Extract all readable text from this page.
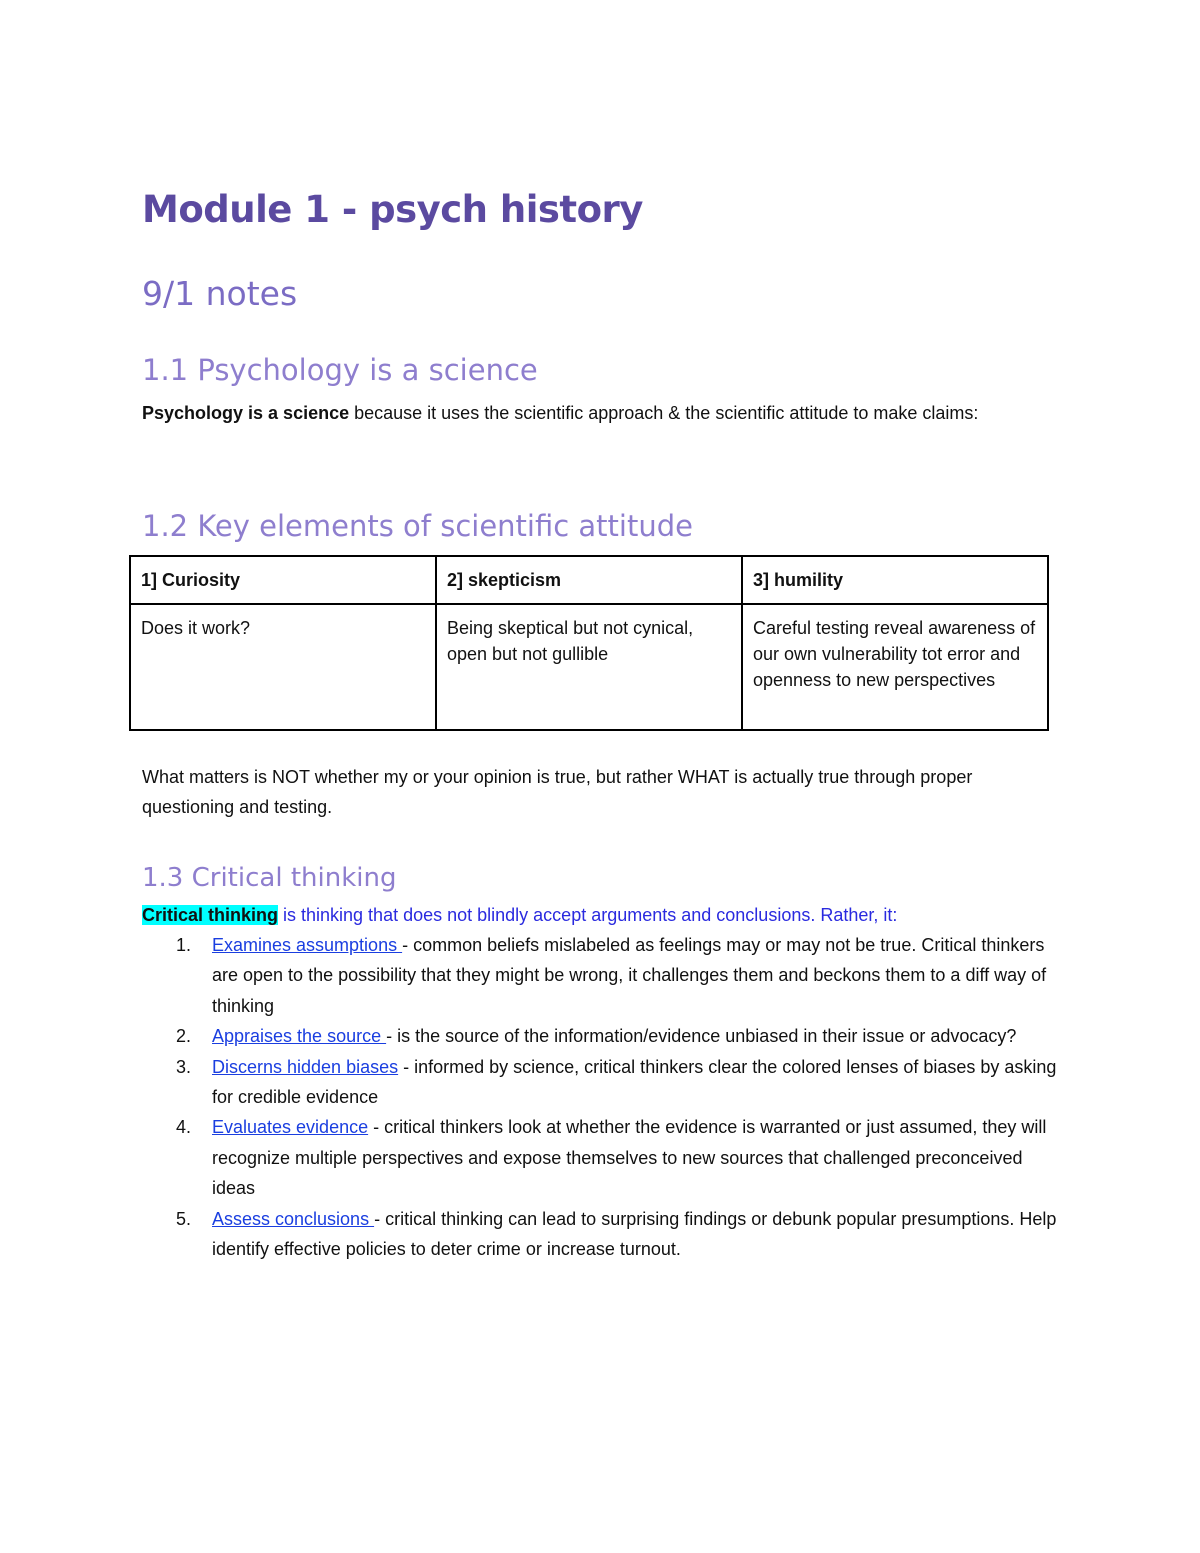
Module 1 - psych history
9/1 notes
1.1 Psychology is a science

Psychology is a science because it uses the scientific approach & the scientific attitude to make claims:

1.2 Key elements of scientific attitude
1] Curiosity	2] skepticism	3] humility
Does it work?	Being skeptical but not cynical, open but not gullible	Careful testing reveal awareness of our own vulnerability tot error and openness to new perspectives

What matters is NOT whether my or your opinion is true, but rather WHAT is actually true through proper questioning and testing.

1.3 Critical thinking

Critical thinking is thinking that does not blindly accept arguments and conclusions. Rather, it:

1. Examines assumptions - common beliefs mislabeled as feelings may or may not be true. Critical thinkers are open to the possibility that they might be wrong, it challenges them and beckons them to a diff way of thinking
2. Appraises the source - is the source of the information/evidence unbiased in their issue or advocacy?
3. Discerns hidden biases - informed by science, critical thinkers clear the colored lenses of biases by asking for credible evidence
4. Evaluates evidence - critical thinkers look at whether the evidence is warranted or just assumed, they will recognize multiple perspectives and expose themselves to new sources that challenged preconceived ideas
5. Assess conclusions - critical thinking can lead to surprising findings or debunk popular presumptions. Help identify effective policies to deter crime or increase turnout.
